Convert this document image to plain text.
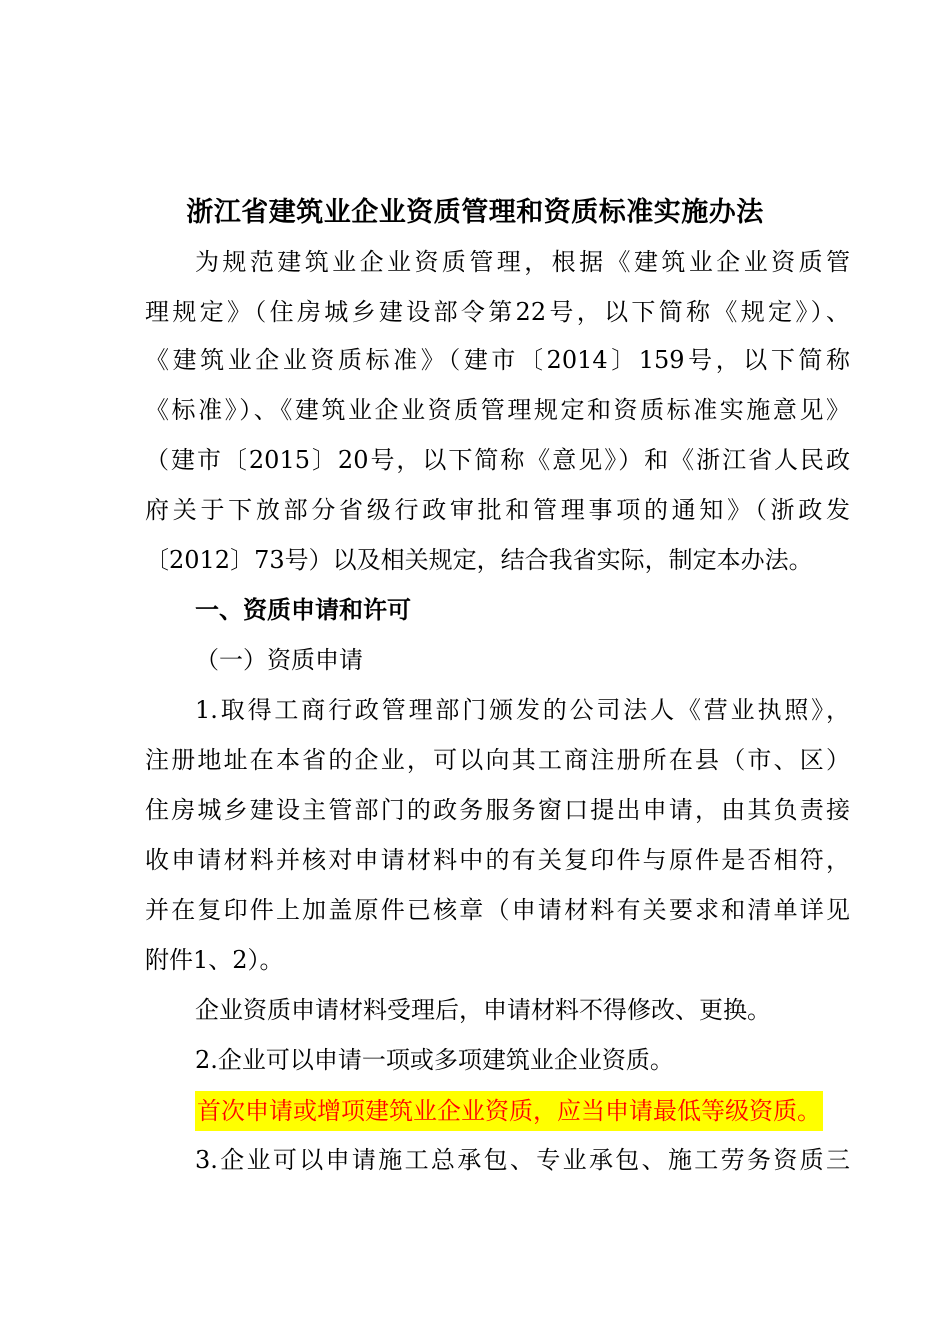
浙江省建筑业企业资质管理和资质标准实施办法
为规范建筑业企业资质管理，根据《建筑业企业资质管
理规定》（住房城乡建设部令第22号，以下简称《规定》）、
《建筑业企业资质标准》（建市〔2014〕159号，以下简称
《标准》）、《建筑业企业资质管理规定和资质标准实施意见》
（建市〔2015〕20号，以下简称《意见》）和《浙江省人民政
府关于下放部分省级行政审批和管理事项的通知》（浙政发
〔2012〕73号）以及相关规定，结合我省实际，制定本办法。
一、资质申请和许可
（一）资质申请
1.取得工商行政管理部门颁发的公司法人《营业执照》，
注册地址在本省的企业，可以向其工商注册所在县（市、区）
住房城乡建设主管部门的政务服务窗口提出申请，由其负责接
收申请材料并核对申请材料中的有关复印件与原件是否相符，
并在复印件上加盖原件已核章（申请材料有关要求和清单详见
附件1、2）。
企业资质申请材料受理后，申请材料不得修改、更换。
2.企业可以申请一项或多项建筑业企业资质。
首次申请或增项建筑业企业资质，应当申请最低等级资质。
3.企业可以申请施工总承包、专业承包、施工劳务资质三
